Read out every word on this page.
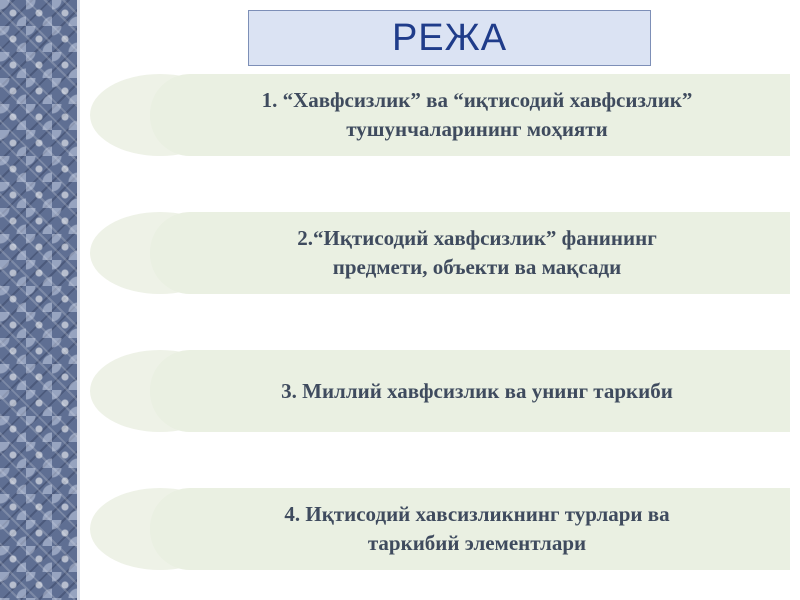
РЕЖА
1. “Хавфсизлик” ва “иқтисодий хавфсизлик”
тушунчаларининг моҳияти
2.“Иқтисодий хавфсизлик” фанининг
предмети, объекти ва мақсади
3. Миллий хавфсизлик ва унинг таркиби
4. Иқтисодий хавсизликнинг турлари ва
таркибий элементлари
